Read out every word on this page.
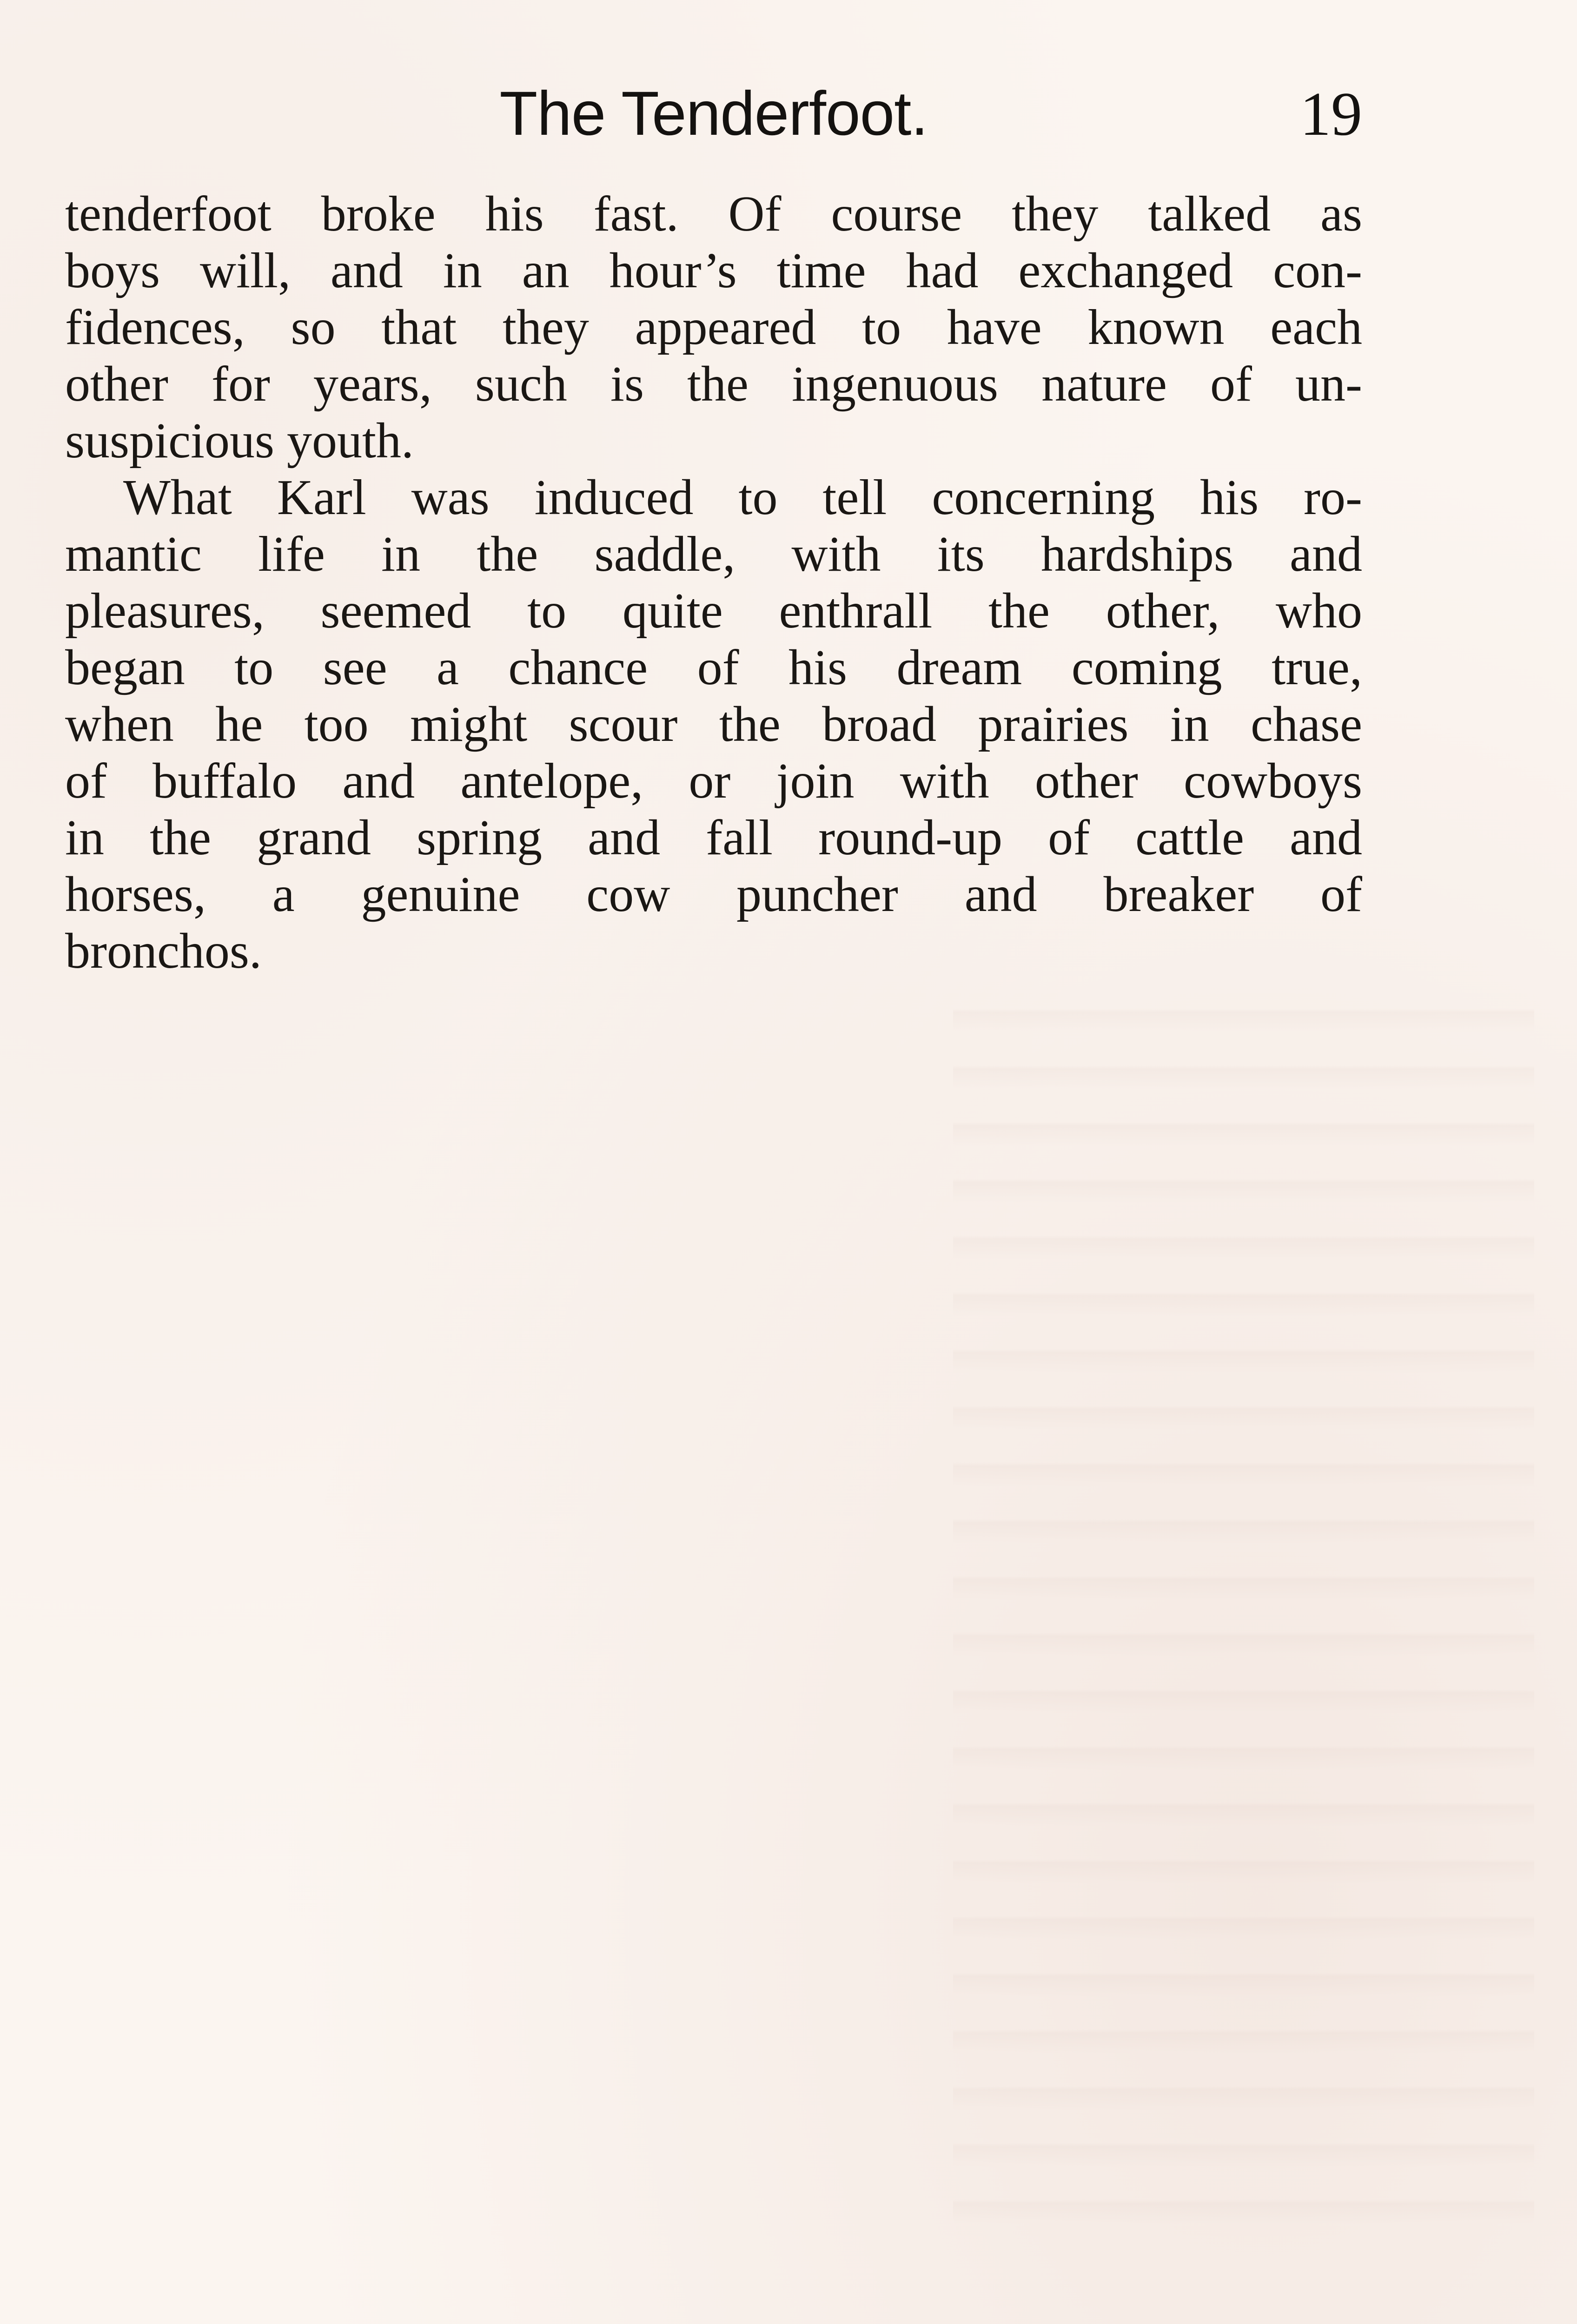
The Tenderfoot.	19

tenderfoot broke his fast. Of course they talked as
boys will, and in an hour’s time had exchanged con-
fidences, so that they appeared to have known each
other for years, such is the ingenuous nature of un-
suspicious youth.

What Karl was induced to tell concerning his ro-
mantic life in the saddle, with its hardships and
pleasures, seemed to quite enthrall the other, who
began to see a chance of his dream coming true,
when he too might scour the broad prairies in chase
of buffalo and antelope, or join with other cowboys
in the grand spring and fall round-up of cattle and
horses, a genuine cow puncher and breaker of
bronchos.
